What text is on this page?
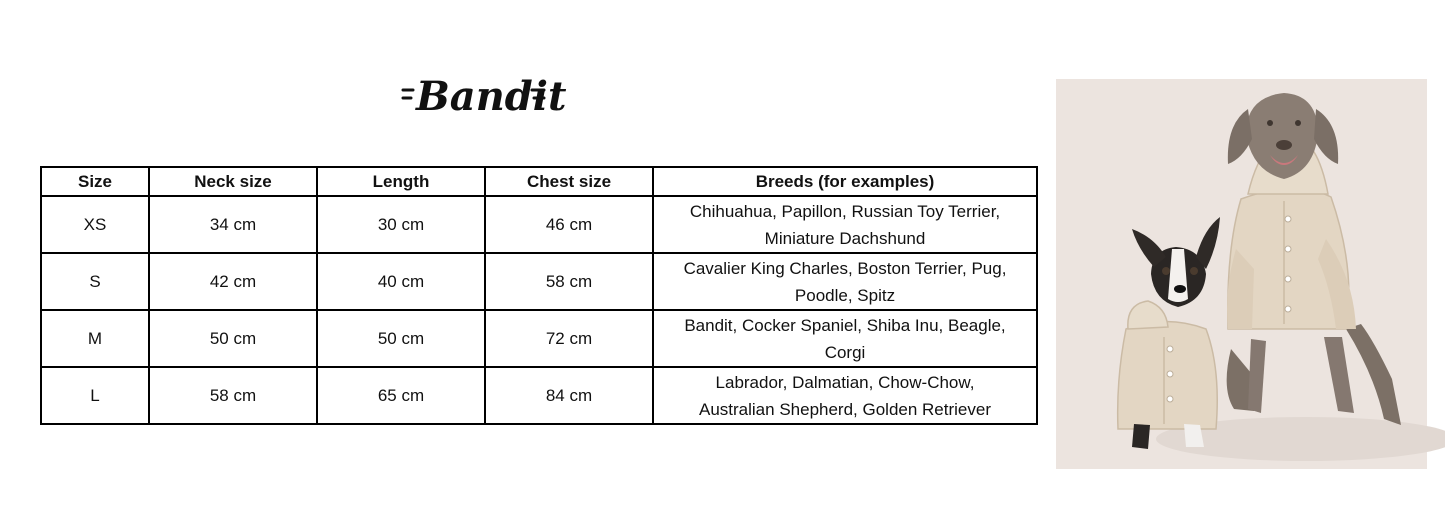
Bandit
Size	Neck size	Length	Chest size	Breeds (for examples)
XS	34 cm	30 cm	46 cm	Chihuahua, Papillon, Russian Toy Terrier,
Miniature Dachshund

S	42 cm	40 cm	58 cm	Cavalier King Charles, Boston Terrier, Pug,
Poodle, Spitz

M	50 cm	50 cm	72 cm	Bandit, Cocker Spaniel, Shiba Inu, Beagle,
Corgi

L	58 cm	65 cm	84 cm	Labrador, Dalmatian, Chow-Chow,
Australian Shepherd, Golden Retriever
